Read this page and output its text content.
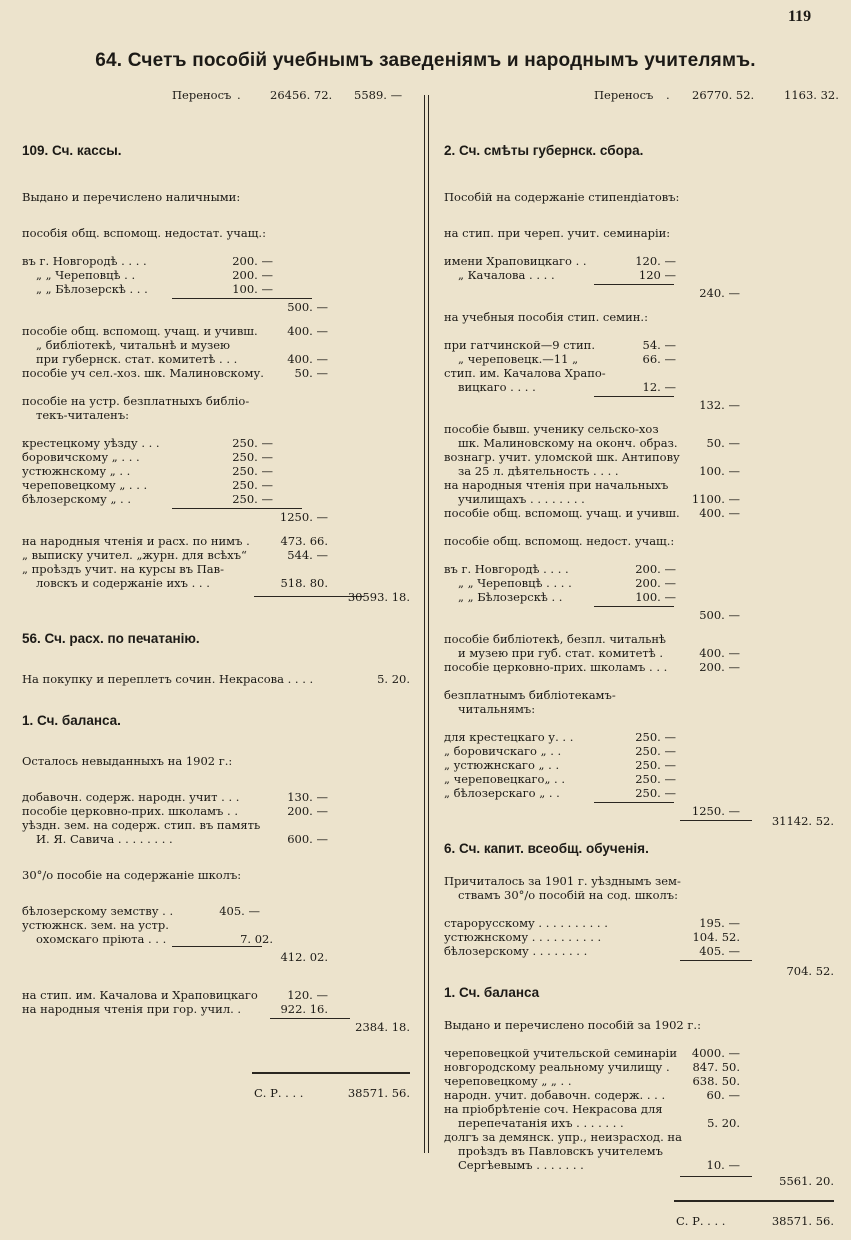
119
64. Счетъ пособій учебнымъ заведеніямъ и народнымъ учителямъ.
Переносъ .	26456. 72. 5589. —
109. Сч. кассы.
Выдано и перечислено наличными:
пособія общ. вспомощ. недостат. учащ.:
въ г. Новгородѣ . . . .	200. —
„ „ Череповцѣ . .	200. —
„ „ Бѣлозерскѣ . . .	100. —
500. —
пособіе общ. вспомощ. учащ. и учивш.	400. —
„ библіотекѣ, читальнѣ и музею
при губернск. стат. комитетѣ . . .	400. —
пособіе уч сел.-хоз. шк. Малиновскому.	50. —
пособіе на устр. безплатныхъ библіо-
текъ-читаленъ:
крестецкому уѣзду . . .	250. —
боровичскому „ . . .	250. —
устюжнскому „ . .	250. —
череповецкому „ . . .	250. —
бѣлозерскому „ . .	250. —
1250. —
на народныя чтенія и расх. по нимъ .	473. 66.
„ выписку учител. „журн. для всѣхъ“	544. —
„ проѣздъ учит. на курсы въ Пав-
ловскъ и содержаніе ихъ . . .	518. 80.
30593. 18.
56. Сч. расх. по печатанію.
На покупку и переплетъ сочин. Некрасова . . . .	5. 20.
1. Сч. баланса.
Осталось невыданныхъ на 1902 г.:
добавочн. содерж. народн. учит . . .	130. —
пособіе церковно-прих. школамъ . .	200. —
уѣздн. зем. на содерж. стип. въ память
И. Я. Савича . . . . . . . .	600. —
30°/о пособіе на содержаніе школъ:
бѣлозерскому земству . .	405. —
устюжнск. зем. на устр.
охомскаго пріюта . . .	7. 02.
412. 02.
на стип. им. Качалова и Храповицкаго	120. —
на народныя чтенія при гор. учил. .	922. 16.
2384. 18.
С. Р. . . .	38571. 56.
Переносъ . 26770. 52.	1163. 32.
2. Сч. смѣты губернск. сбора.
Пособій на содержаніе стипендіатовъ:
на стип. при череп. учит. семинаріи:
имени Храповицкаго . .	120. —
„ Качалова . . . .	120 —
240. —
на учебныя пособія стип. семин.:
при гатчинской—9 стип.	54. —
„ череповецк.—11 „	66. —
стип. им. Качалова Храпо-
вицкаго . . . .	12. —
132. —
пособіе бывш. ученику сельско-хоз
шк. Малиновскому на оконч. образ.	50. —
вознагр. учит. уломской шк. Антипову
за 25 л. дѣятельность . . . .	100. —
на народныя чтенія при начальныхъ
училищахъ . . . . . . . .	1100. —
пособіе общ. вспомощ. учащ. и учивш. 400. —
пособіе общ. вспомощ. недост. учащ.:
въ г. Новгородѣ . . . .	200. —
„ „ Череповцѣ . . . .	200. —
„ „ Бѣлозерскѣ . .	100. —
500. —
пособіе библіотекѣ, безпл. читальнѣ
и музею при губ. стат. комитетѣ .	400. —
пособіе церковно-прих. школамъ . . .	200. —
безплатнымъ библіотекамъ-
читальнямъ:
для крестецкаго у. . .	250. —
„ боровичскаго „ . .	250. —
„ устюжнскаго „ . .	250. —
„ череповецкаго„ . .	250. —
„ бѣлозерскаго „ . .	250. —
1250. —
31142. 52.
6. Сч. капит. всеобщ. обученія.
Причиталось за 1901 г. уѣзднымъ зем-
ствамъ 30°/о пособій на сод. школъ:
старорусскому . . . . . . . . . .	195. —
устюжнскому . . . . . . . . . .	104. 52.
бѣлозерскому . . . . . . . .	405. —
704. 52.
1. Сч. баланса
Выдано и перечислено пособій за 1902 г.:
череповецкой учительской семинаріи 4000. —
новгородскому реальному училищу . 847. 50.
череповецкому „ „ . .	638. 50.
народн. учит. добавочн. содерж. . . .	60. —
на пріобрѣтеніе соч. Некрасова для
перепечатанія ихъ . . . . . . .	5. 20.
долгъ за демянск. упр., неизрасход. на
проѣздъ въ Павловскъ учителемъ
Сергѣевымъ . . . . . . .	10. —
5561. 20.
С. Р. . . .	38571. 56.
